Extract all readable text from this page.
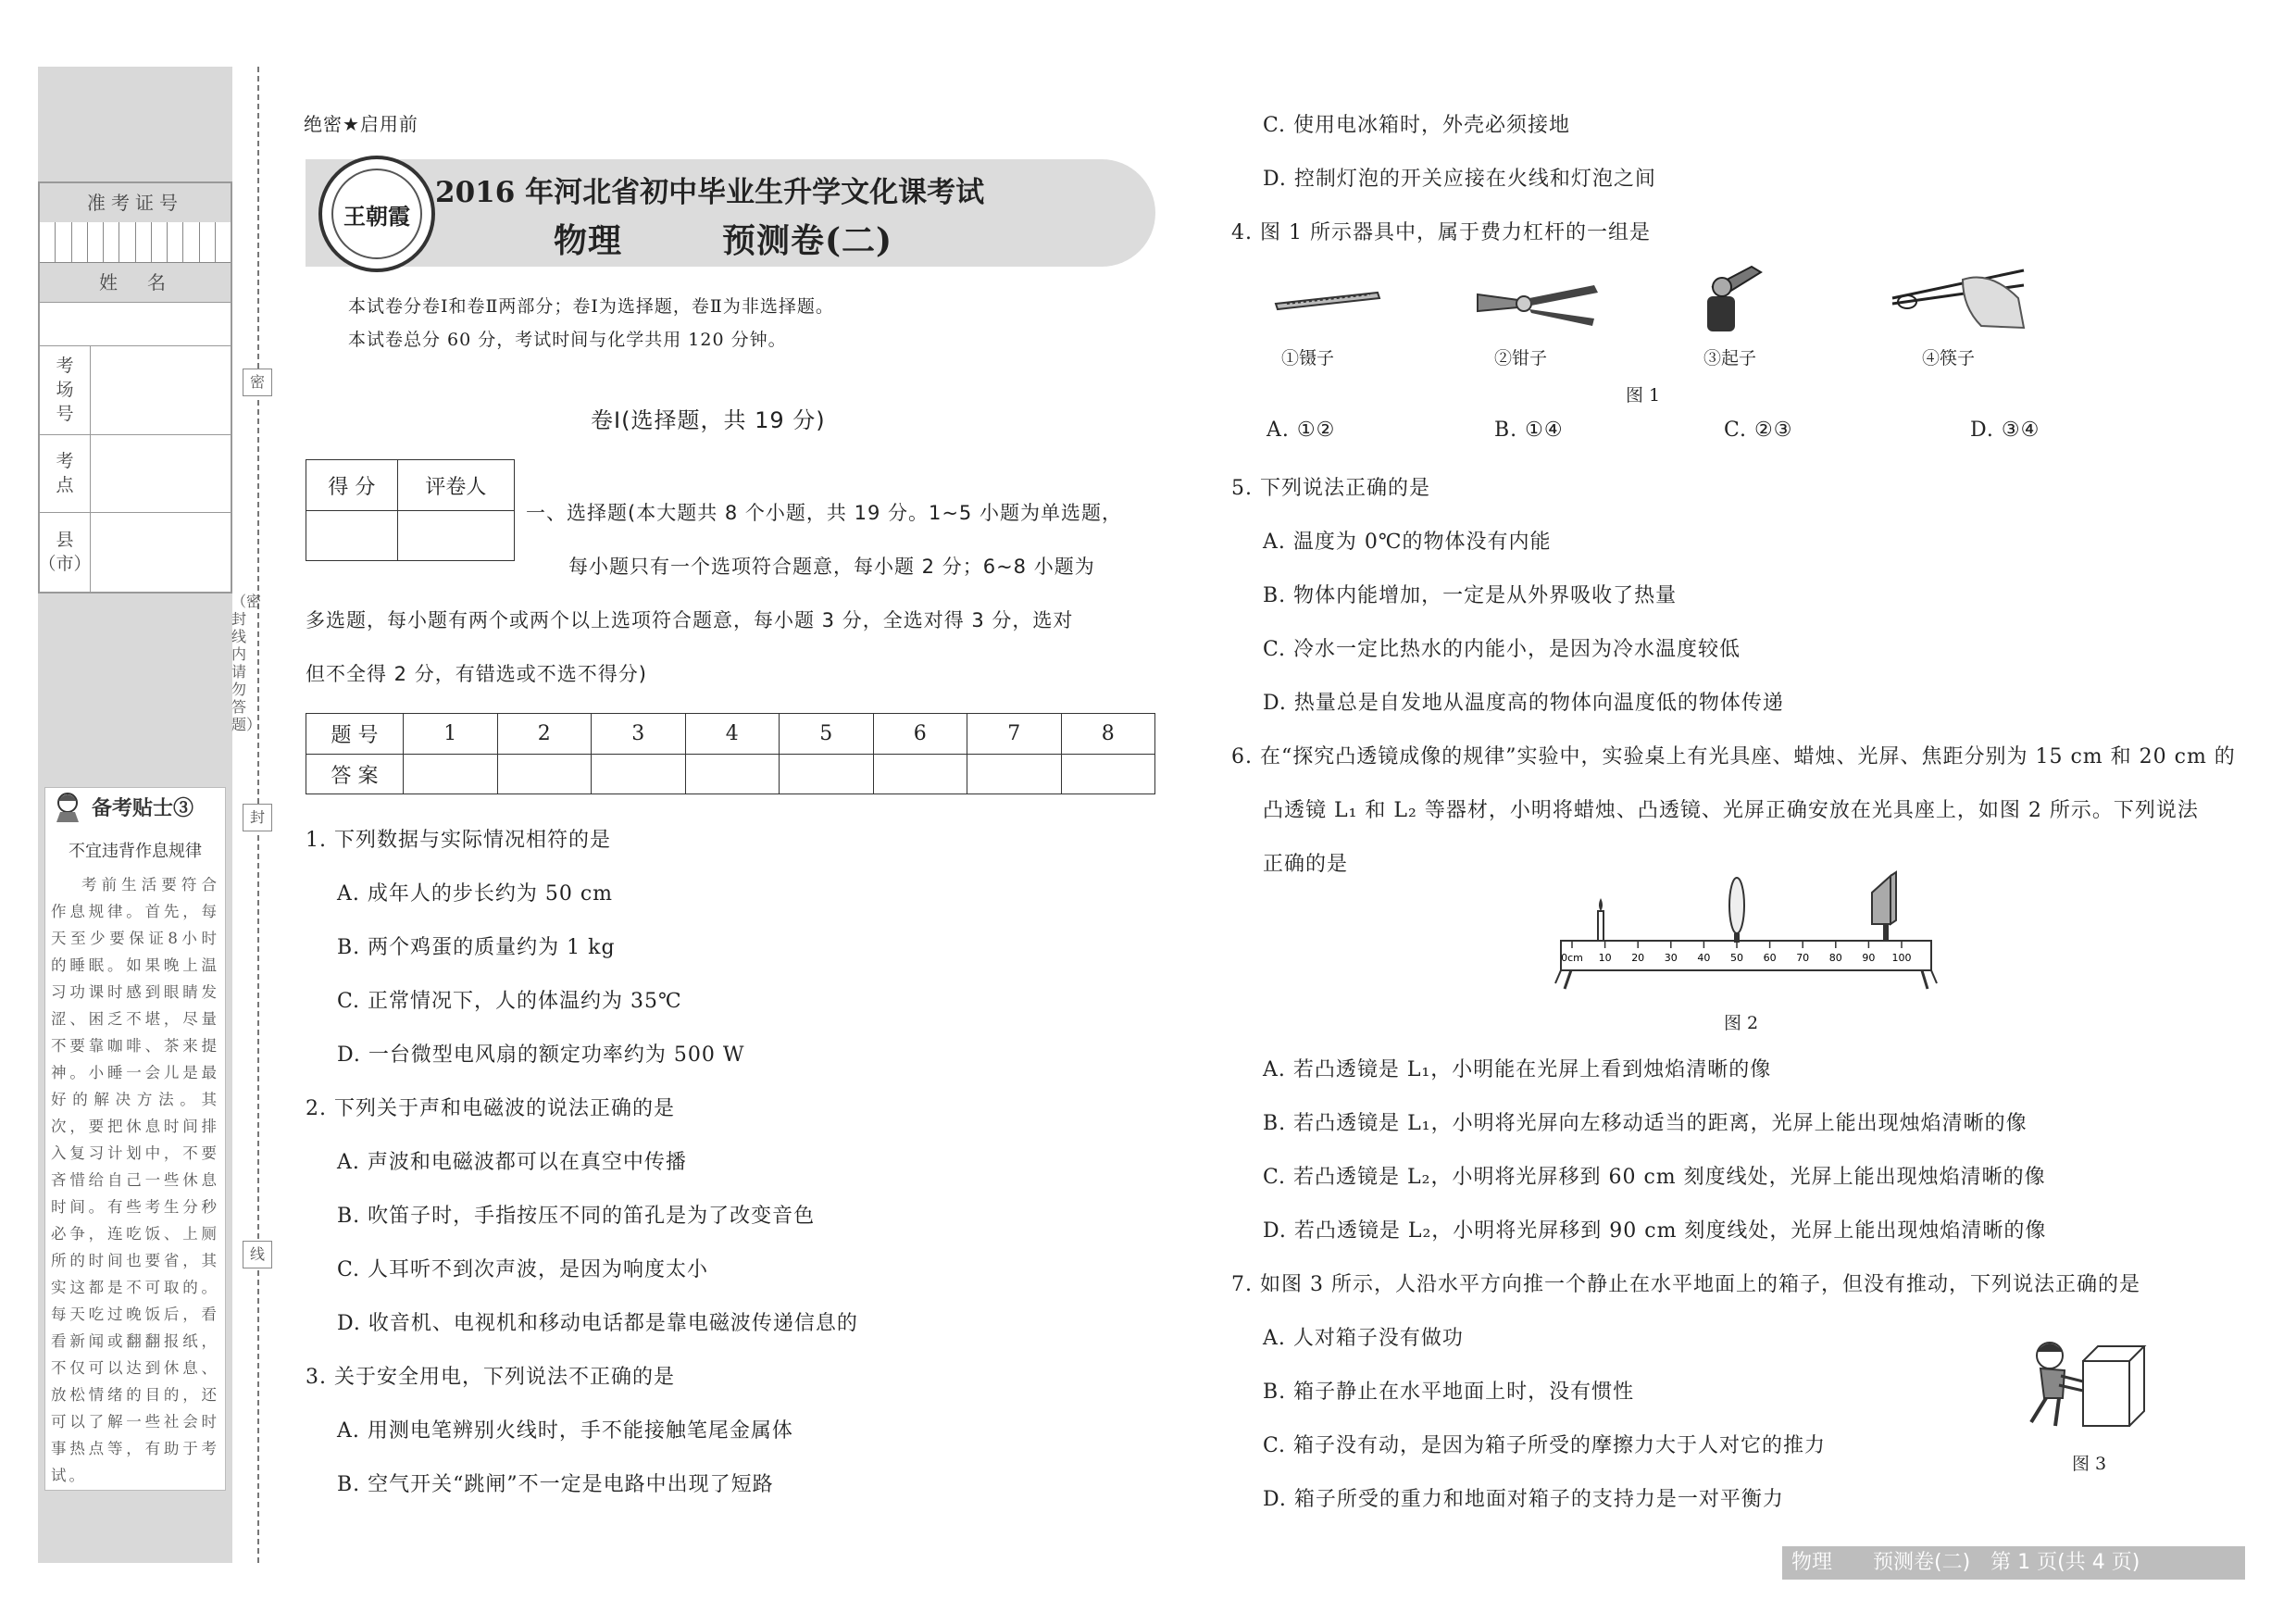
准考证号
姓　名
考
场
号
考
点
县
（市）
备考贴士③
不宜违背作息规律
考前生活要符合作息规律。首先，每天至少要保证8小时的睡眠。如果晚上温习功课时感到眼睛发涩、困乏不堪，尽量不要靠咖啡、茶来提神。小睡一会儿是最好的解决方法。其次，要把休息时间排入复习计划中，不要吝惜给自己一些休息时间。有些考生分秒必争，连吃饭、上厕所的时间也要省，其实这都是不可取的。每天吃过晚饭后，看看新闻或翻翻报纸，不仅可以达到休息、放松情绪的目的，还可以了解一些社会时事热点等，有助于考试。
密
封
线
（密封线内请勿答题）
绝密★启用前
王朝霞
2016 年河北省初中毕业生升学文化课考试
物理	预测卷(二)
本试卷分卷Ⅰ和卷Ⅱ两部分；卷Ⅰ为选择题，卷Ⅱ为非选择题。
本试卷总分 60 分，考试时间与化学共用 120 分钟。
卷Ⅰ(选择题，共 19 分)
得 分	评卷人

一、选择题(本大题共 8 个小题，共 19 分。1~5 小题为单选题，
每小题只有一个选项符合题意，每小题 2 分；6~8 小题为
多选题，每小题有两个或两个以上选项符合题意，每小题 3 分，全选对得 3 分，选对
但不全得 2 分，有错选或不选不得分)
题 号	1	2	3	4	5	6	7	8
答 案								
1. 下列数据与实际情况相符的是
A. 成年人的步长约为 50 cm
B. 两个鸡蛋的质量约为 1 kg
C. 正常情况下，人的体温约为 35℃
D. 一台微型电风扇的额定功率约为 500 W
2. 下列关于声和电磁波的说法正确的是
A. 声波和电磁波都可以在真空中传播
B. 吹笛子时，手指按压不同的笛孔是为了改变音色
C. 人耳听不到次声波，是因为响度太小
D. 收音机、电视机和移动电话都是靠电磁波传递信息的
3. 关于安全用电，下列说法不正确的是
A. 用测电笔辨别火线时，手不能接触笔尾金属体
B. 空气开关“跳闸”不一定是电路中出现了短路
C. 使用电冰箱时，外壳必须接地
D. 控制灯泡的开关应接在火线和灯泡之间
4. 图 1 所示器具中，属于费力杠杆的一组是
①镊子	②钳子	③起子	④筷子
图 1
A. ①②	B. ①④	C. ②③	D. ③④
5. 下列说法正确的是
A. 温度为 0℃的物体没有内能
B. 物体内能增加，一定是从外界吸收了热量
C. 冷水一定比热水的内能小，是因为冷水温度较低
D. 热量总是自发地从温度高的物体向温度低的物体传递
6. 在“探究凸透镜成像的规律”实验中，实验桌上有光具座、蜡烛、光屏、焦距分别为 15 cm 和 20 cm 的
凸透镜 L₁ 和 L₂ 等器材，小明将蜡烛、凸透镜、光屏正确安放在光具座上，如图 2 所示。下列说法
正确的是
0cm 10 20 30 40 50 60 70 80 90 100
图 2
A. 若凸透镜是 L₁，小明能在光屏上看到烛焰清晰的像
B. 若凸透镜是 L₁，小明将光屏向左移动适当的距离，光屏上能出现烛焰清晰的像
C. 若凸透镜是 L₂，小明将光屏移到 60 cm 刻度线处，光屏上能出现烛焰清晰的像
D. 若凸透镜是 L₂，小明将光屏移到 90 cm 刻度线处，光屏上能出现烛焰清晰的像
7. 如图 3 所示，人沿水平方向推一个静止在水平地面上的箱子，但没有推动，下列说法正确的是
A. 人对箱子没有做功
B. 箱子静止在水平地面上时，没有惯性
C. 箱子没有动，是因为箱子所受的摩擦力大于人对它的推力
D. 箱子所受的重力和地面对箱子的支持力是一对平衡力
图 3
物理　　预测卷(二)　第 1 页(共 4 页)
